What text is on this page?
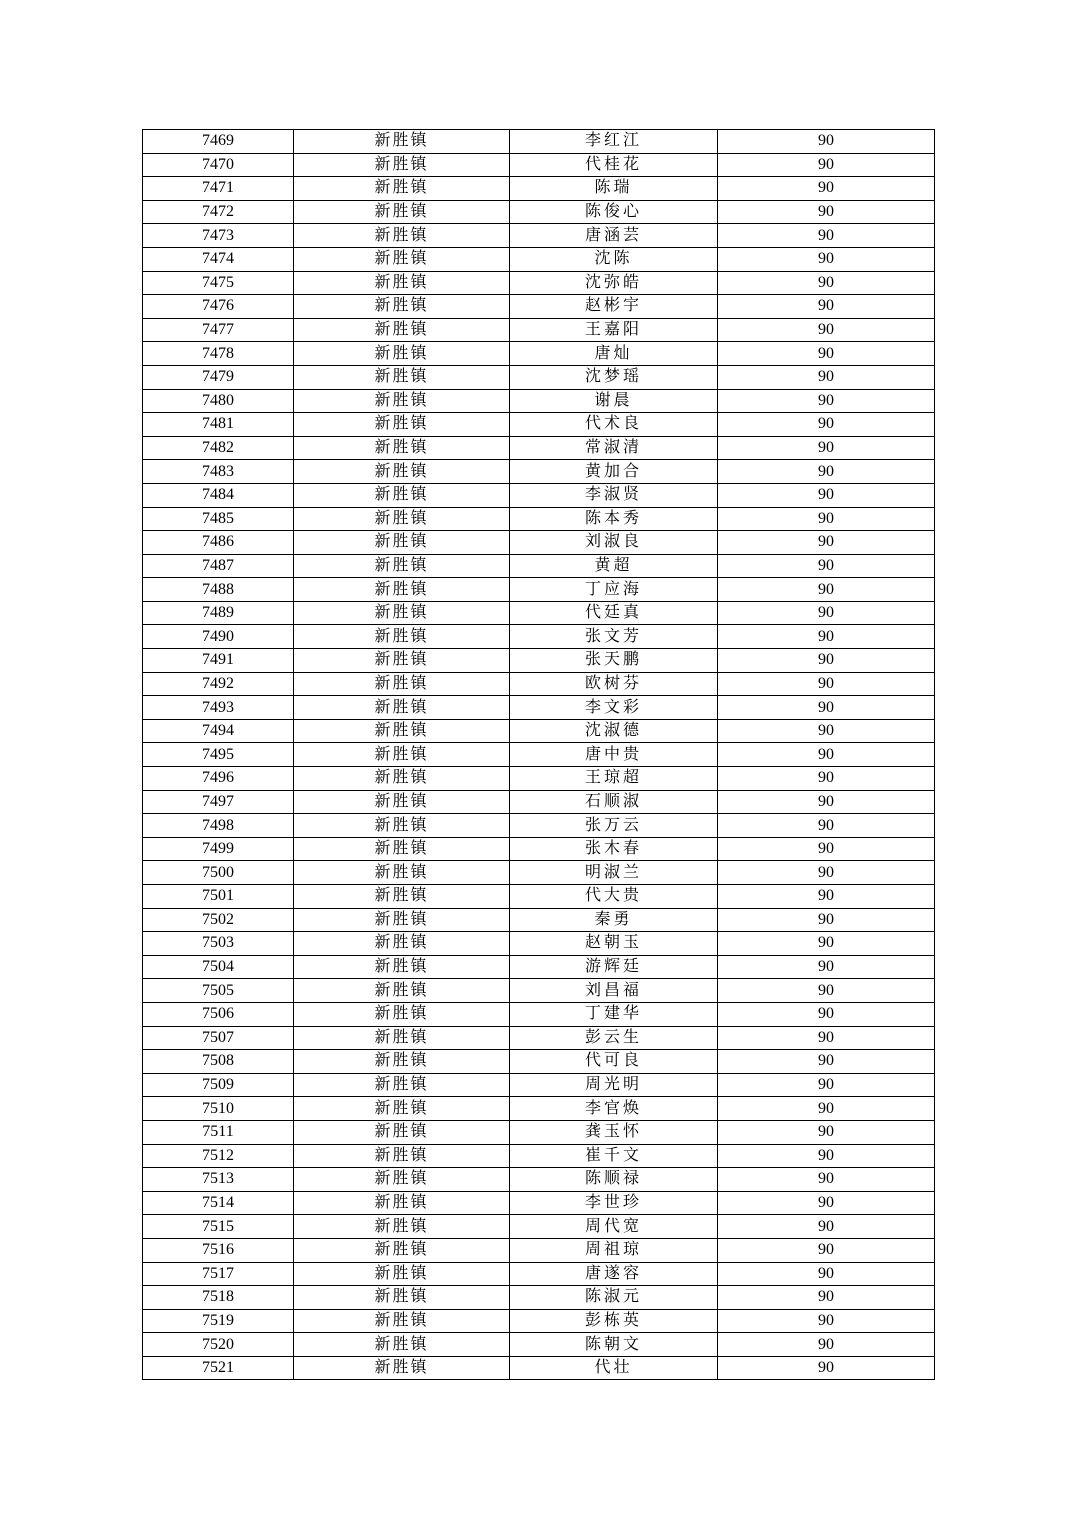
7469	新胜镇	李红江	90
7470	新胜镇	代桂花	90
7471	新胜镇	陈瑞	90
7472	新胜镇	陈俊心	90
7473	新胜镇	唐涵芸	90
7474	新胜镇	沈陈	90
7475	新胜镇	沈弥皓	90
7476	新胜镇	赵彬宇	90
7477	新胜镇	王嘉阳	90
7478	新胜镇	唐灿	90
7479	新胜镇	沈梦瑶	90
7480	新胜镇	谢晨	90
7481	新胜镇	代术良	90
7482	新胜镇	常淑清	90
7483	新胜镇	黄加合	90
7484	新胜镇	李淑贤	90
7485	新胜镇	陈本秀	90
7486	新胜镇	刘淑良	90
7487	新胜镇	黄超	90
7488	新胜镇	丁应海	90
7489	新胜镇	代廷真	90
7490	新胜镇	张文芳	90
7491	新胜镇	张天鹏	90
7492	新胜镇	欧树芬	90
7493	新胜镇	李文彩	90
7494	新胜镇	沈淑德	90
7495	新胜镇	唐中贵	90
7496	新胜镇	王琼超	90
7497	新胜镇	石顺淑	90
7498	新胜镇	张万云	90
7499	新胜镇	张木春	90
7500	新胜镇	明淑兰	90
7501	新胜镇	代大贵	90
7502	新胜镇	秦勇	90
7503	新胜镇	赵朝玉	90
7504	新胜镇	游辉廷	90
7505	新胜镇	刘昌福	90
7506	新胜镇	丁建华	90
7507	新胜镇	彭云生	90
7508	新胜镇	代可良	90
7509	新胜镇	周光明	90
7510	新胜镇	李官焕	90
7511	新胜镇	龚玉怀	90
7512	新胜镇	崔千文	90
7513	新胜镇	陈顺禄	90
7514	新胜镇	李世珍	90
7515	新胜镇	周代宽	90
7516	新胜镇	周祖琼	90
7517	新胜镇	唐遂容	90
7518	新胜镇	陈淑元	90
7519	新胜镇	彭栋英	90
7520	新胜镇	陈朝文	90
7521	新胜镇	代壮	90
